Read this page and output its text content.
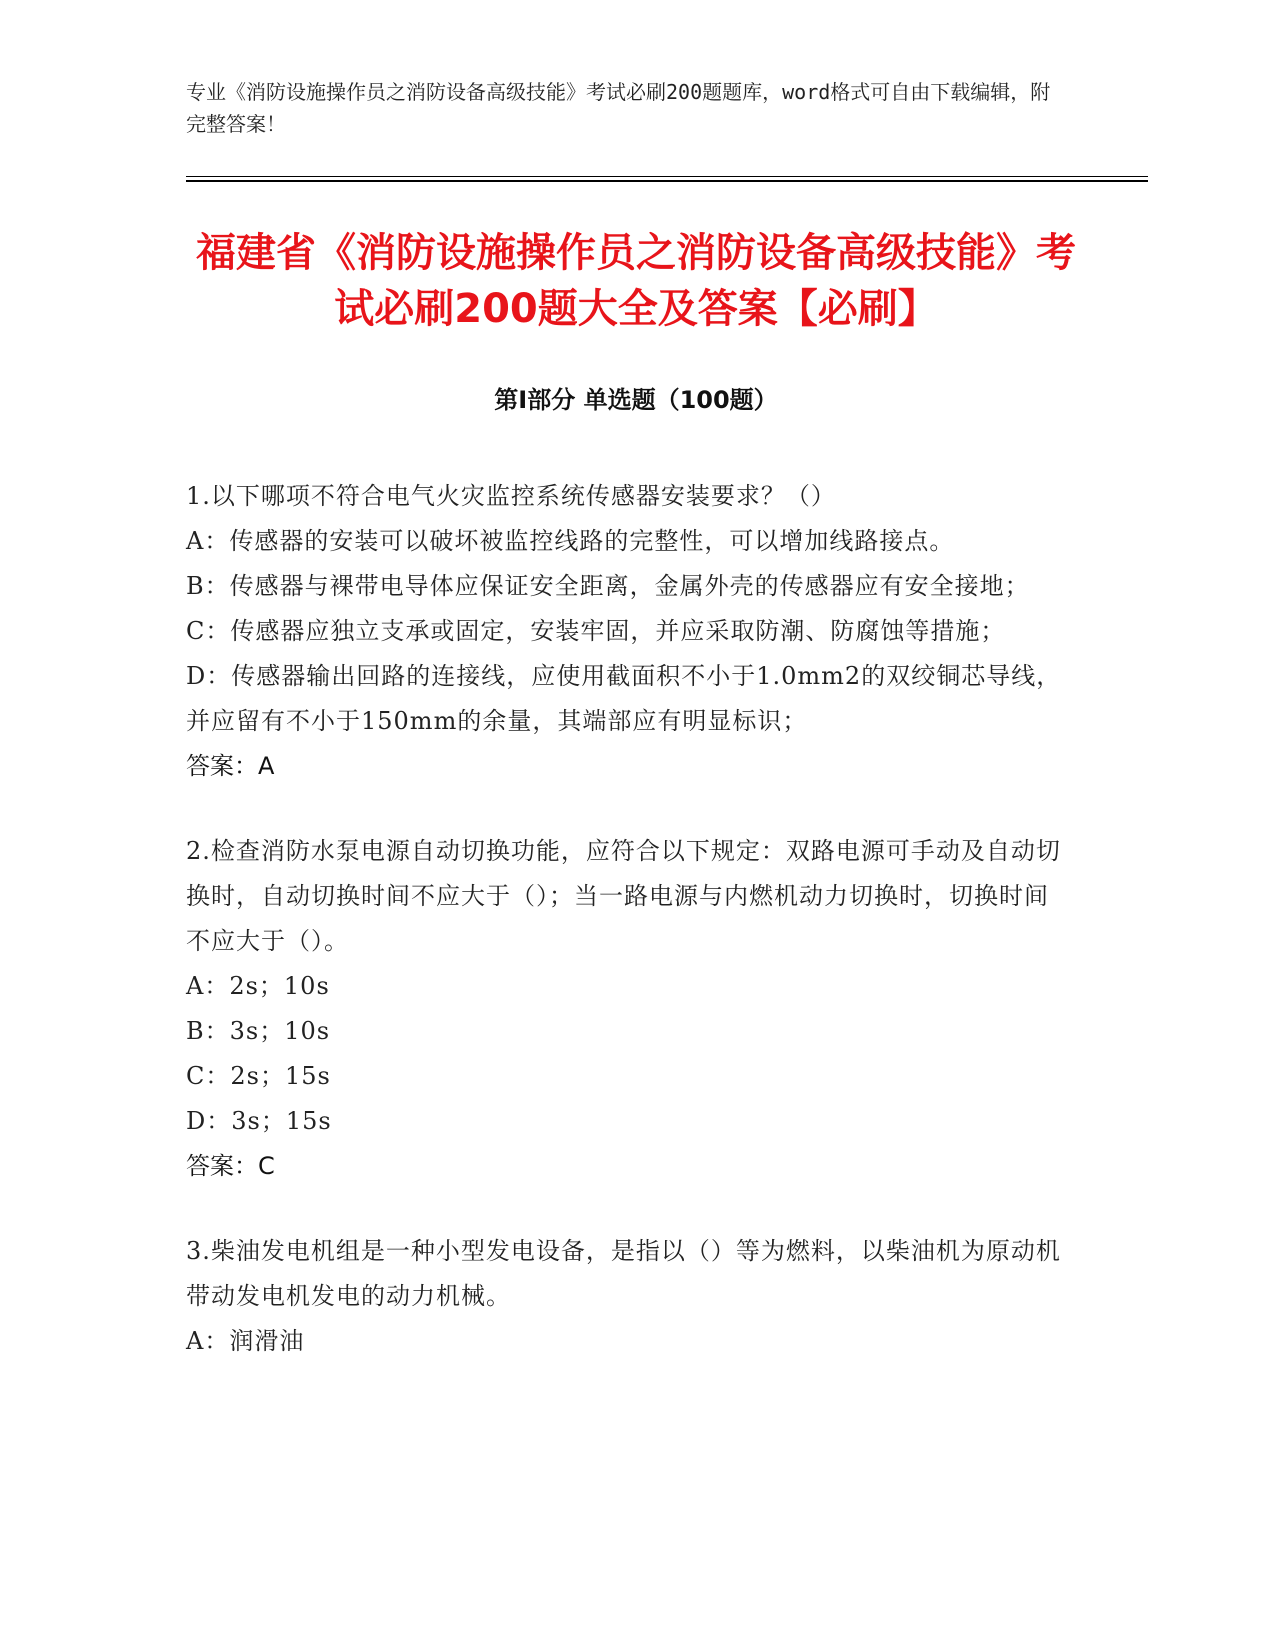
专业《消防设施操作员之消防设备高级技能》考试必刷200题题库，word格式可自由下载编辑，附完整答案！
福建省《消防设施操作员之消防设备高级技能》考试必刷200题大全及答案【必刷】
第I部分 单选题（100题）
1.以下哪项不符合电气火灾监控系统传感器安装要求？（）
A：传感器的安装可以破坏被监控线路的完整性，可以增加线路接点。
B：传感器与裸带电导体应保证安全距离，金属外壳的传感器应有安全接地；
C：传感器应独立支承或固定，安装牢固，并应采取防潮、防腐蚀等措施；
D：传感器输出回路的连接线，应使用截面积不小于1.0mm2的双绞铜芯导线，并应留有不小于150mm的余量，其端部应有明显标识；
答案：A
2.检查消防水泵电源自动切换功能，应符合以下规定：双路电源可手动及自动切换时，自动切换时间不应大于（）；当一路电源与内燃机动力切换时，切换时间不应大于（）。
A：2s；10s
B：3s；10s
C：2s；15s
D：3s；15s
答案：C
3.柴油发电机组是一种小型发电设备，是指以（）等为燃料，以柴油机为原动机带动发电机发电的动力机械。
A：润滑油
